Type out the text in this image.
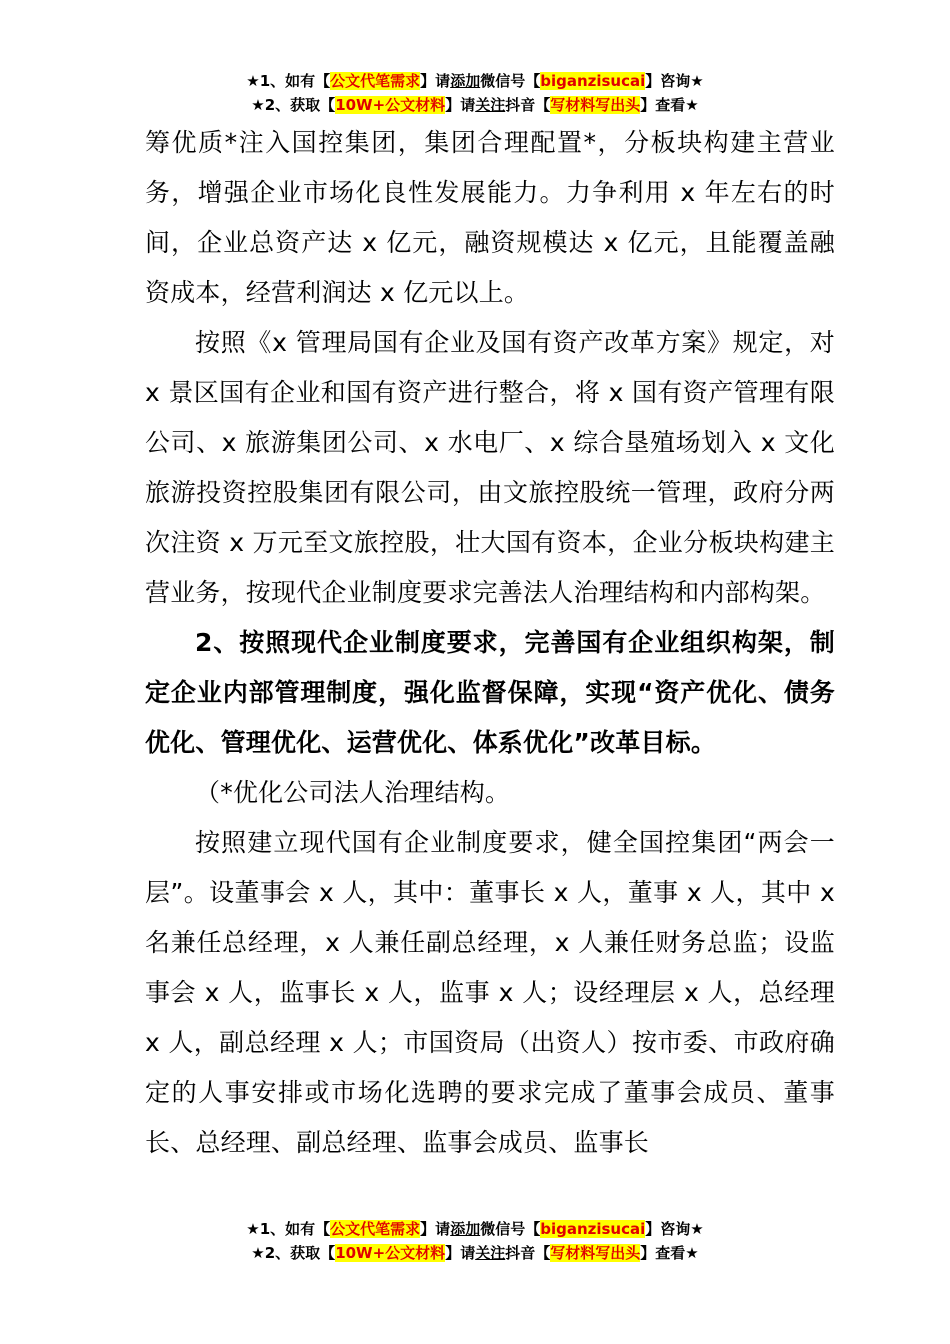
★1、如有【公文代笔需求】请添加微信号【biganzisucai】咨询★
★2、获取【10W+公文材料】请关注抖音【写材料写出头】查看★

筹优质*注入国控集团，集团合理配置*，分板块构建主营业务，增强企业市场化良性发展能力。力争利用 x 年左右的时间，企业总资产达 x 亿元，融资规模达 x 亿元，且能覆盖融资成本，经营利润达 x 亿元以上。

按照《x 管理局国有企业及国有资产改革方案》规定，对 x 景区国有企业和国有资产进行整合，将 x 国有资产管理有限公司、x 旅游集团公司、x 水电厂、x 综合垦殖场划入 x 文化旅游投资控股集团有限公司，由文旅控股统一管理，政府分两次注资 x 万元至文旅控股，壮大国有资本，企业分板块构建主营业务，按现代企业制度要求完善法人治理结构和内部构架。

2、按照现代企业制度要求，完善国有企业组织构架，制定企业内部管理制度，强化监督保障，实现“资产优化、债务优化、管理优化、运营优化、体系优化”改革目标。

（*优化公司法人治理结构。

按照建立现代国有企业制度要求，健全国控集团“两会一层”。设董事会 x 人，其中：董事长 x 人，董事 x 人，其中 x 名兼任总经理，x 人兼任副总经理，x 人兼任财务总监；设监事会 x 人，监事长 x 人，监事 x 人；设经理层 x 人，总经理 x 人，副总经理 x 人；市国资局（出资人）按市委、市政府确定的人事安排或市场化选聘的要求完成了董事会成员、董事长、总经理、副总经理、监事会成员、监事长

★1、如有【公文代笔需求】请添加微信号【biganzisucai】咨询★
★2、获取【10W+公文材料】请关注抖音【写材料写出头】查看★
